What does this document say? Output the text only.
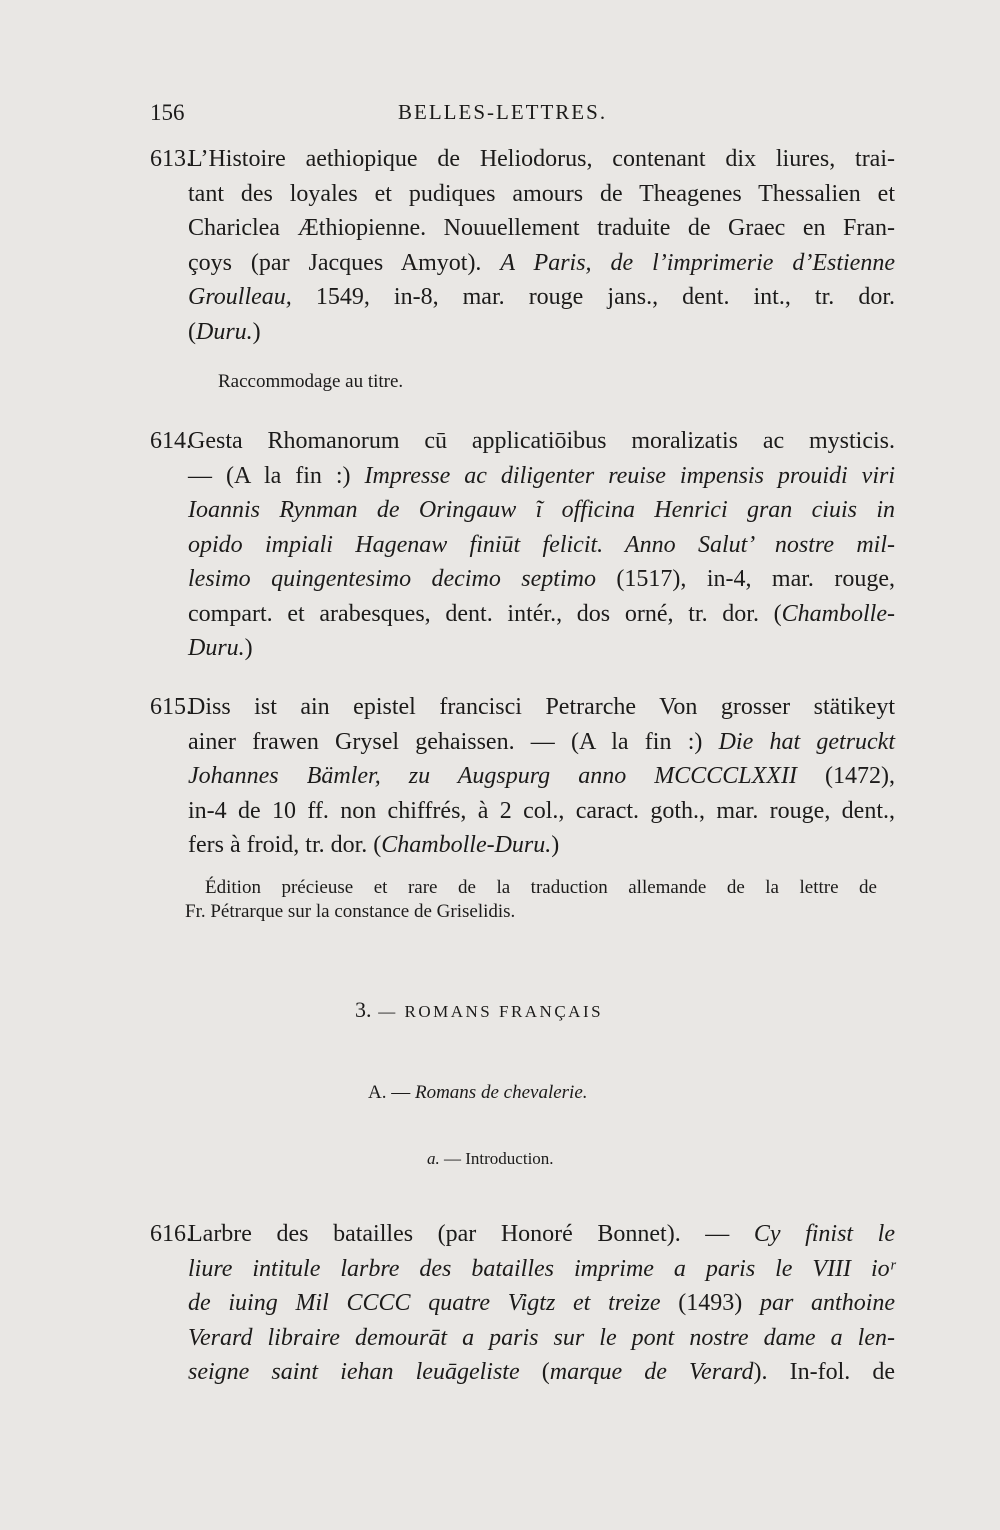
156	BELLES-LETTRES.
613.L’Histoire aethiopique de Heliodorus, contenant dix liures, trai-
tant des loyales et pudiques amours de Theagenes Thessalien et
Chariclea Æthiopienne. Nouuellement traduite de Graec en Fran-
çoys (par Jacques Amyot). A Paris, de l’imprimerie d’Estienne
Groulleau, 1549, in-8, mar. rouge jans., dent. int., tr. dor.
(Duru.)
Raccommodage au titre.
614.Gesta Rhomanorum cū applicatiōibus moralizatis ac mysticis.
— (A la fin :) Impresse ac diligenter reuise impensis prouidi viri
Ioannis Rynman de Oringauw ĩ officina Henrici gran ciuis in
opido impiali Hagenaw finiūt felicit. Anno Salut’ nostre mil-
lesimo quingentesimo decimo septimo (1517), in-4, mar. rouge,
compart. et arabesques, dent. intér., dos orné, tr. dor. (Chambolle-
Duru.)
615.Diss ist ain epistel francisci Petrarche Von grosser stätikeyt
ainer frawen Grysel gehaissen. — (A la fin :) Die hat getruckt
Johannes Bämler, zu Augspurg anno MCCCCLXXII (1472),
in-4 de 10 ff. non chiffrés, à 2 col., caract. goth., mar. rouge, dent.,
fers à froid, tr. dor. (Chambolle-Duru.)
Édition précieuse et rare de la traduction allemande de la lettre de
Fr. Pétrarque sur la constance de Griselidis.
3. — ROMANS FRANÇAIS
A. — Romans de chevalerie.
a. — Introduction.
616.Larbre des batailles (par Honoré Bonnet). — Cy finist le
liure intitule larbre des batailles imprime a paris le VIII ioʳ
de iuing Mil CCCC quatre Vigtz et treize (1493) par anthoine
Verard libraire demourāt a paris sur le pont nostre dame a len-
seigne saint iehan leuāgeliste (marque de Verard). In-fol. de
